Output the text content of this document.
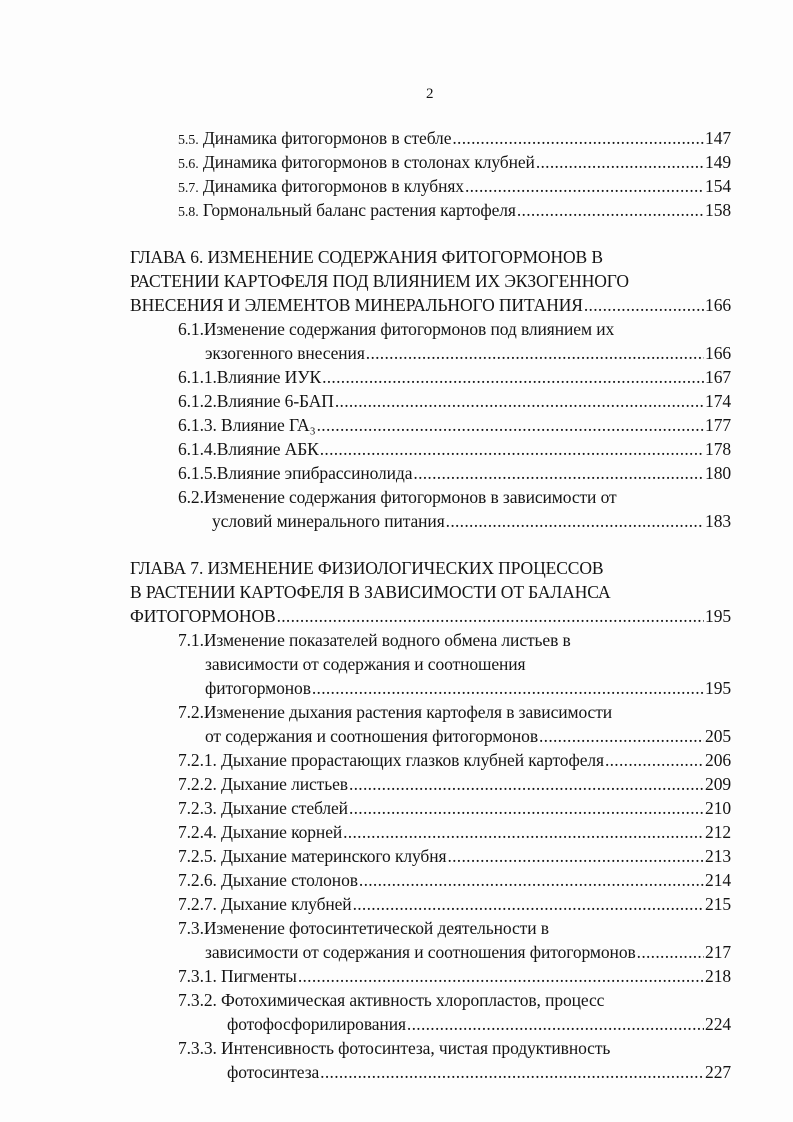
2
5.5. Динамика фитогормонов в стебле .....	147
5.6. Динамика фитогормонов в столонах клубней .....	149
5.7. Динамика фитогормонов в клубнях .....	154
5.8. Гормональный баланс растения картофеля .....	158
ГЛАВА 6. ИЗМЕНЕНИЕ СОДЕРЖАНИЯ ФИТОГОРМОНОВ В
РАСТЕНИИ КАРТОФЕЛЯ ПОД ВЛИЯНИЕМ ИХ ЭКЗОГЕННОГО
ВНЕСЕНИЯ И ЭЛЕМЕНТОВ МИНЕРАЛЬНОГО ПИТАНИЯ .....	166
6.1.Изменение содержания фитогормонов под влиянием их
экзогенного внесения .....	166
6.1.1.Влияние ИУК .....	167
6.1.2.Влияние 6-БАП .....	174
6.1.3. Влияние ГА₃ .....	177
6.1.4.Влияние АБК .....	178
6.1.5.Влияние эпибрассинолида .....	180
6.2.Изменение содержания фитогормонов в зависимости от
условий минерального питания .....	183
ГЛАВА 7. ИЗМЕНЕНИЕ ФИЗИОЛОГИЧЕСКИХ ПРОЦЕССОВ
В РАСТЕНИИ КАРТОФЕЛЯ В ЗАВИСИМОСТИ ОТ БАЛАНСА
ФИТОГОРМОНОВ .....	195
7.1.Изменение показателей водного обмена листьев в
зависимости от содержания и соотношения
фитогормонов .....	195
7.2.Изменение дыхания растения картофеля в зависимости
от содержания и соотношения фитогормонов .....	205
7.2.1. Дыхание прорастающих глазков клубней картофеля .....	206
7.2.2. Дыхание листьев .....	209
7.2.3. Дыхание стеблей .....	210
7.2.4. Дыхание корней .....	212
7.2.5. Дыхание материнского клубня .....	213
7.2.6. Дыхание столонов .....	214
7.2.7. Дыхание клубней .....	215
7.3.Изменение фотосинтетической деятельности в
зависимости от содержания и соотношения фитогормонов .....	217
7.3.1. Пигменты .....	218
7.3.2. Фотохимическая активность хлоропластов, процесс
фотофосфорилирования .....	224
7.3.3. Интенсивность фотосинтеза, чистая продуктивность
фотосинтеза .....	227
